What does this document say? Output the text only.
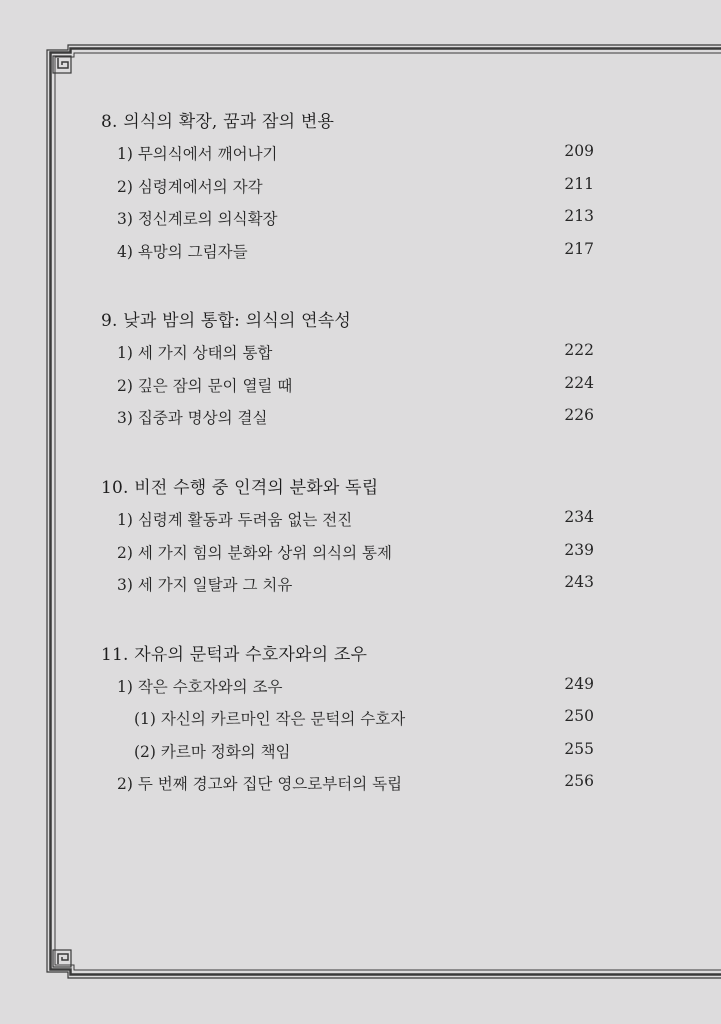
8. 의식의 확장, 꿈과 잠의 변용
1) 무의식에서 깨어나기	209
2) 심령계에서의 자각	211
3) 정신계로의 의식확장	213
4) 욕망의 그림자들	217
9. 낮과 밤의 통합: 의식의 연속성
1) 세 가지 상태의 통합	222
2) 깊은 잠의 문이 열릴 때	224
3) 집중과 명상의 결실	226
10. 비전 수행 중 인격의 분화와 독립
1) 심령계 활동과 두려움 없는 전진	234
2) 세 가지 힘의 분화와 상위 의식의 통제	239
3) 세 가지 일탈과 그 치유	243
11. 자유의 문턱과 수호자와의 조우
1) 작은 수호자와의 조우	249
(1) 자신의 카르마인 작은 문턱의 수호자	250
(2) 카르마 정화의 책임	255
2) 두 번째 경고와 집단 영으로부터의 독립	256
